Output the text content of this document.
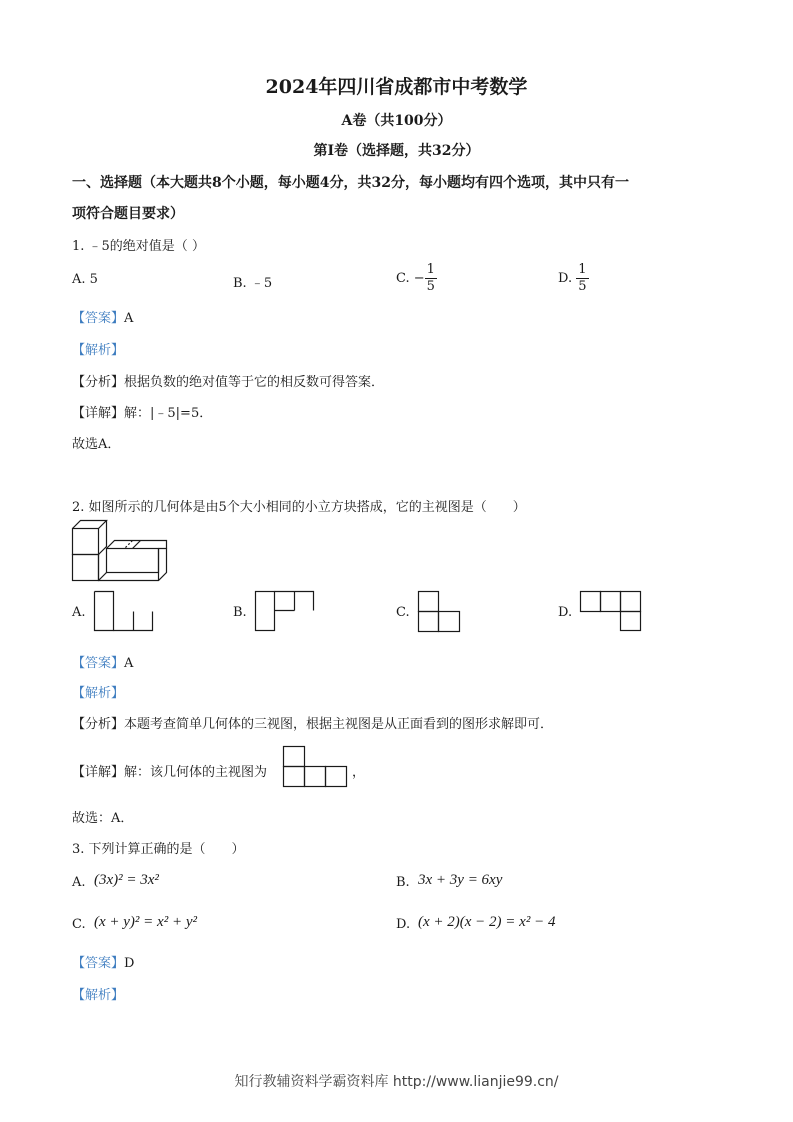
2024年四川省成都市中考数学
A卷（共100分）
第I卷（选择题，共32分）
一、选择题（本大题共8个小题，每小题4分，共32分，每小题均有四个选项，其中只有一
项符合题目要求）
1. ﹣5的绝对值是（ ）
A. 5	B. ﹣5	C. − $\frac{1}{5}$	D. $\frac{1}{5}$
【答案】A
【解析】
【分析】根据负数的绝对值等于它的相反数可得答案．
【详解】解：|﹣5|=5．
故选A．
2. 如图所示的几何体是由5个大小相同的小立方块搭成，它的主视图是（　　）
A.	B.	C.	D.
【答案】A
【解析】
【分析】本题考查简单几何体的三视图，根据主视图是从正面看到的图形求解即可．
【详解】解：该几何体的主视图为	，
故选：A．
3. 下列计算正确的是（　　）
A. (3x)² = 3x²	B. 3x + 3y = 6xy
C. (x + y)² = x² + y²	D. (x + 2)(x − 2) = x² − 4
【答案】D
【解析】
知行教辅资料学霸资料库 http://www.lianjie99.cn/
